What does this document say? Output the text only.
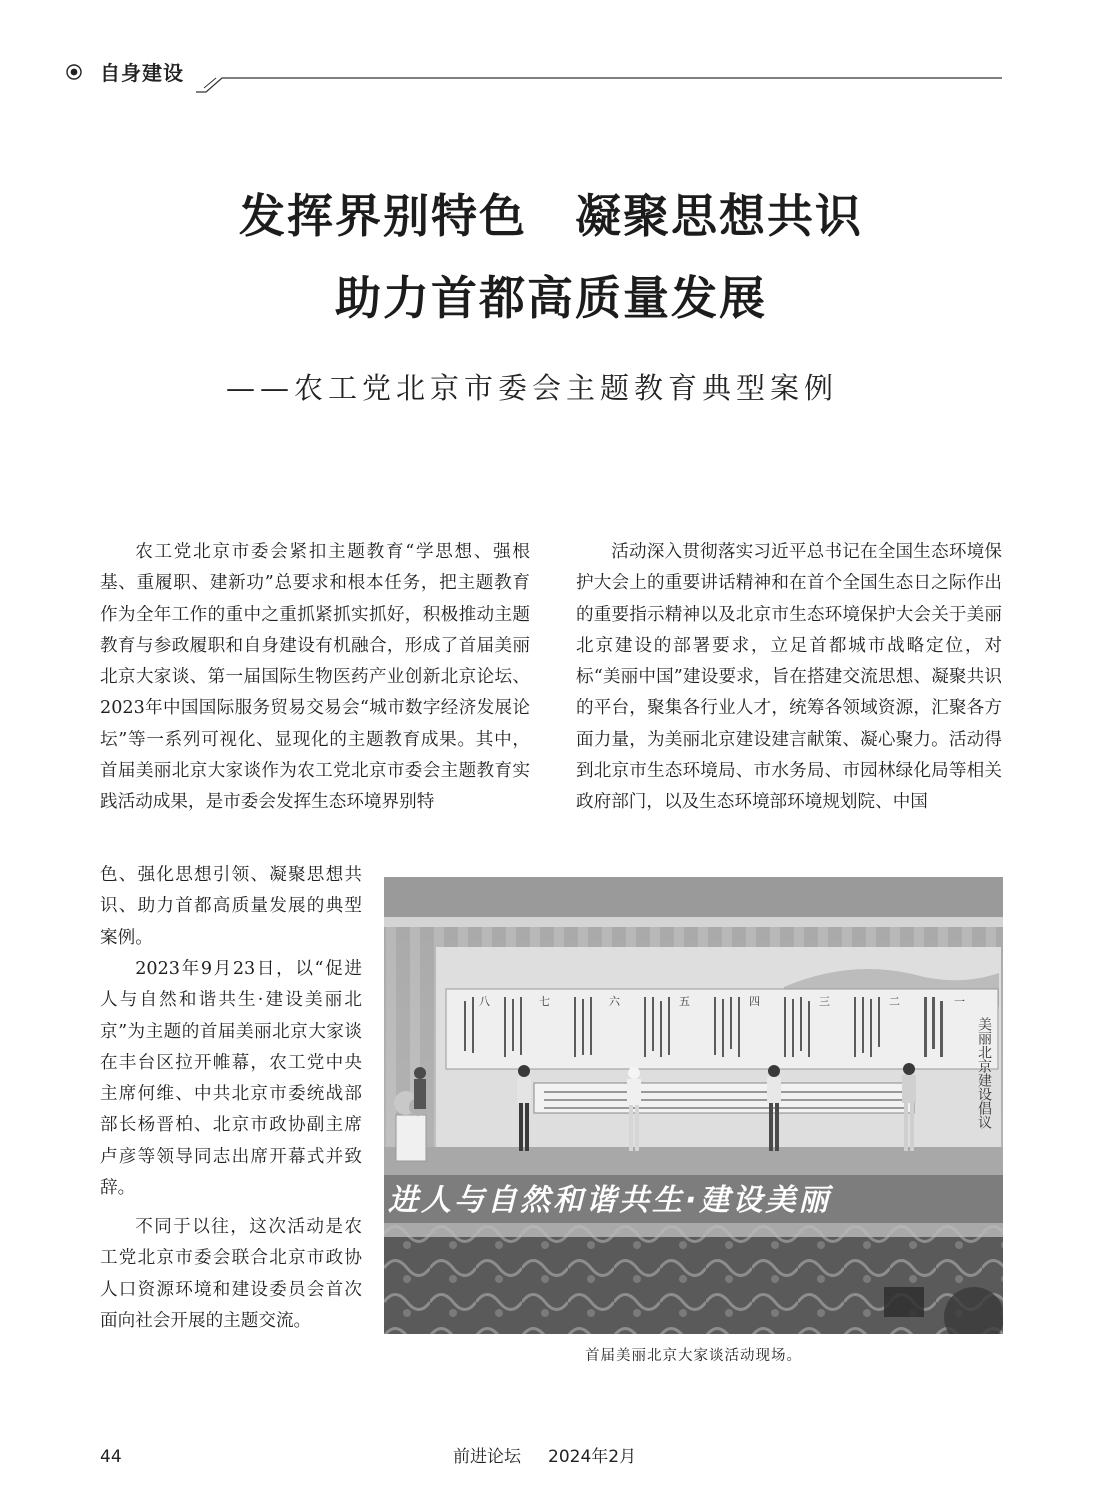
自身建设
发挥界别特色　凝聚思想共识
助力首都高质量发展
——农工党北京市委会主题教育典型案例

农工党北京市委会紧扣主题教育“学思想、强根基、重履职、建新功”总要求和根本任务，把主题教育作为全年工作的重中之重抓紧抓实抓好，积极推动主题教育与参政履职和自身建设有机融合，形成了首届美丽北京大家谈、第一届国际生物医药产业创新北京论坛、2023年中国国际服务贸易交易会“城市数字经济发展论坛”等一系列可视化、显现化的主题教育成果。其中，首届美丽北京大家谈作为农工党北京市委会主题教育实践活动成果，是市委会发挥生态环境界别特

活动深入贯彻落实习近平总书记在全国生态环境保护大会上的重要讲话精神和在首个全国生态日之际作出的重要指示精神以及北京市生态环境保护大会关于美丽北京建设的部署要求，立足首都城市战略定位，对标“美丽中国”建设要求，旨在搭建交流思想、凝聚共识的平台，聚集各行业人才，统筹各领域资源，汇聚各方面力量，为美丽北京建设建言献策、凝心聚力。活动得到北京市生态环境局、市水务局、市园林绿化局等相关政府部门，以及生态环境部环境规划院、中国

色、强化思想引领、凝聚思想共识、助力首都高质量发展的典型案例。

2023年9月23日，以“促进人与自然和谐共生·建设美丽北京”为主题的首届美丽北京大家谈在丰台区拉开帷幕，农工党中央主席何维、中共北京市委统战部部长杨晋柏、北京市政协副主席卢彦等领导同志出席开幕式并致辞。

不同于以往，这次活动是农工党北京市委会联合北京市政协人口资源环境和建设委员会首次面向社会开展的主题交流。

美丽北京建设倡议
一
二
三
四
五
六
七
八
进人与自然和谐共生·建设美丽
首届美丽北京大家谈活动现场。
44	前进论坛 2024年2月
